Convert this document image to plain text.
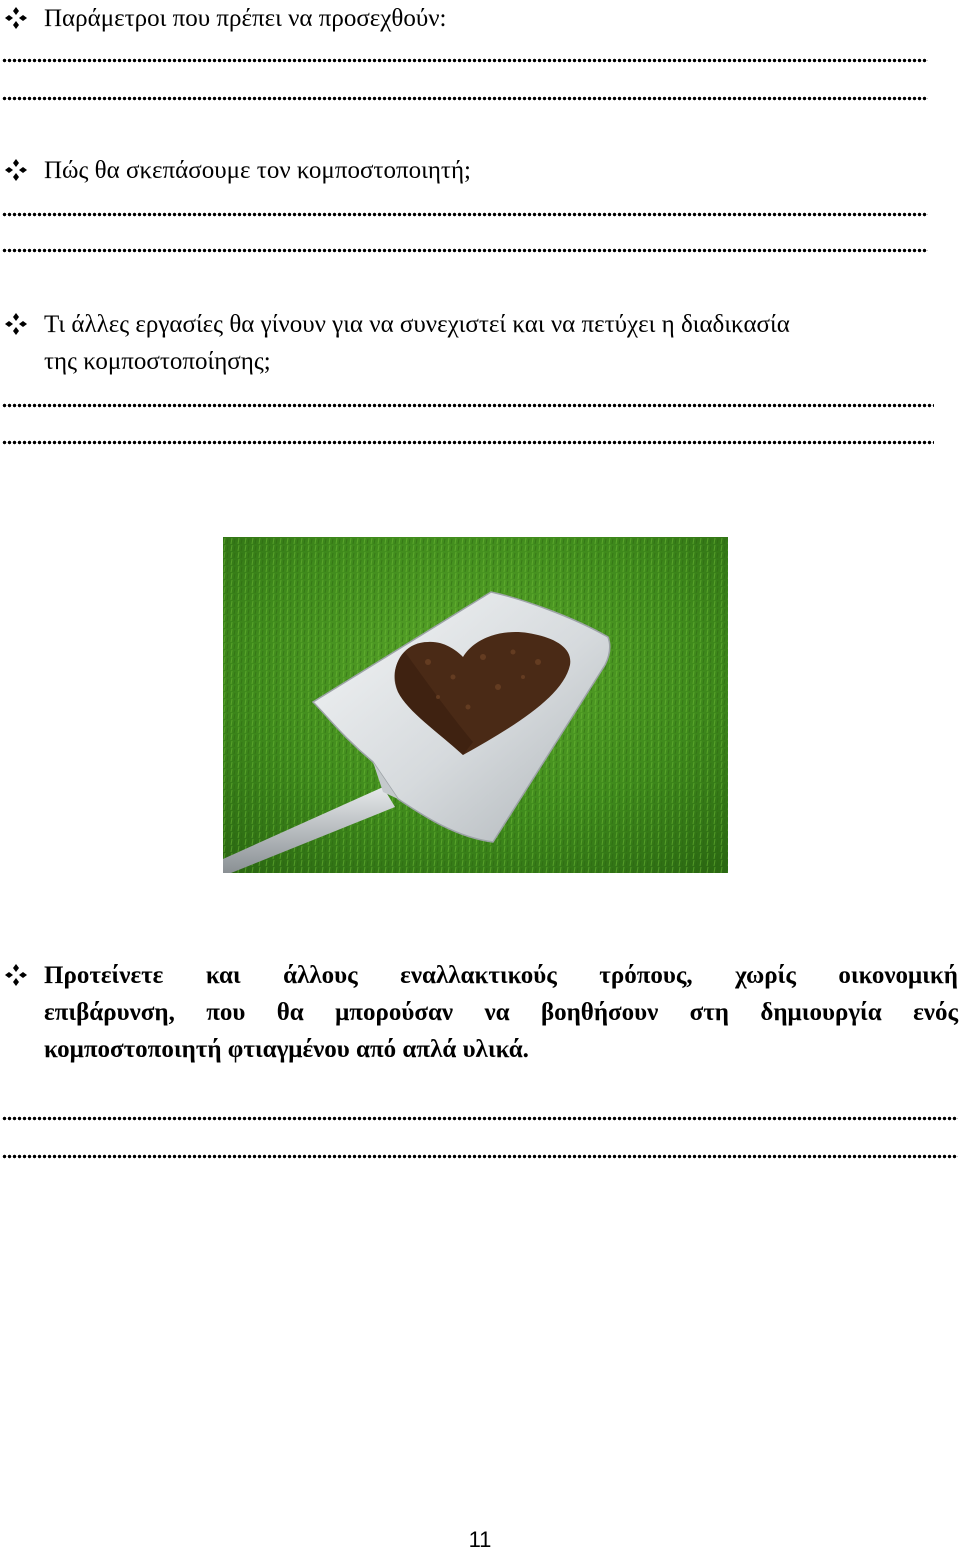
Παράμετροι που πρέπει να προσεχθούν:
Πώς θα σκεπάσουμε τον κομποστοποιητή;
Τι άλλες εργασίες θα γίνουν για να συνεχιστεί και να πετύχει η διαδικασία
της κομποστοποίησης;
Προτείνετε και άλλους εναλλακτικούς τρόπους, χωρίς οικονομική
επιβάρυνση, που θα μπορούσαν να βοηθήσουν στη δημιουργία ενός
κομποστοποιητή φτιαγμένου από απλά υλικά.
11
